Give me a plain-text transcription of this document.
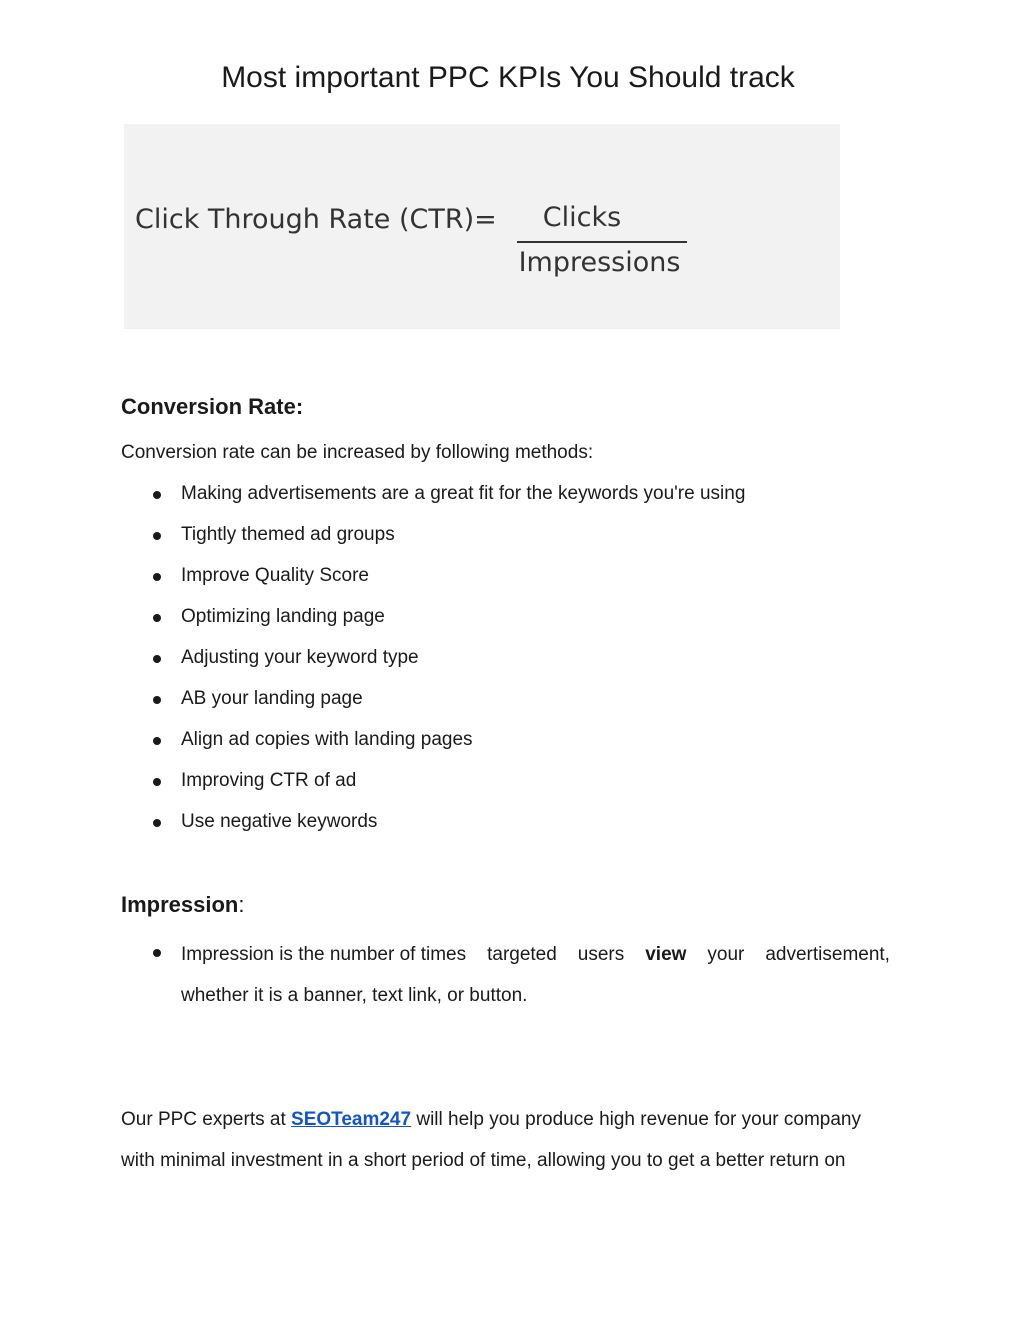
Most important PPC KPIs You Should track
Click Through Rate (CTR)=	Clicks
Impressions
Conversion Rate:

Conversion rate can be increased by following methods:

Making advertisements are a great fit for the keywords you're using
Tightly themed ad groups
Improve Quality Score
Optimizing landing page
Adjusting your keyword type
AB your landing page
Align ad copies with landing pages
Improving CTR of ad
Use negative keywords
Impression:
Impression is the number of times targeted users view your advertisement,
whether it is a banner, text link, or button.
Our PPC experts at SEOTeam247 will help you produce high revenue for your company
with minimal investment in a short period of time, allowing you to get a better return on
